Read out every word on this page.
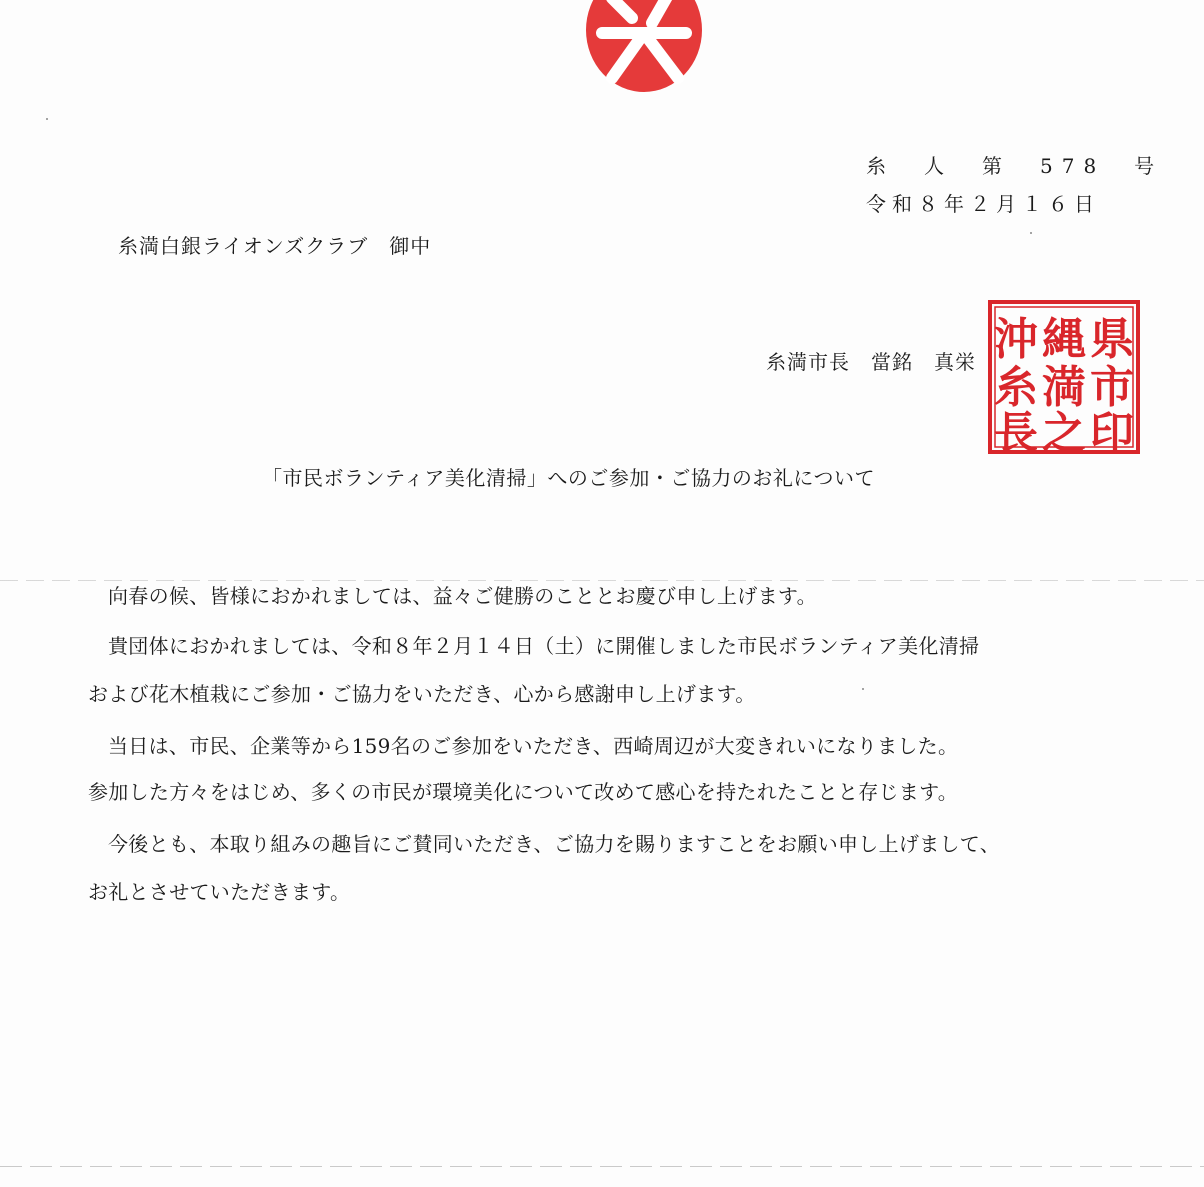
糸　人　第　578　号
令和８年２月１６日
糸満白銀ライオンズクラブ　御中
糸満市長　當銘　真栄	県
市
印
縄
満
之
沖
糸
長
「市民ボランティア美化清掃」へのご参加・ご協力のお礼について
向春の候、皆様におかれましては、益々ご健勝のこととお慶び申し上げます。
貴団体におかれましては、令和８年２月１４日（土）に開催しました市民ボランティア美化清掃
および花木植栽にご参加・ご協力をいただき、心から感謝申し上げます。
当日は、市民、企業等から159名のご参加をいただき、西崎周辺が大変きれいになりました。
参加した方々をはじめ、多くの市民が環境美化について改めて感心を持たれたことと存じます。
今後とも、本取り組みの趣旨にご賛同いただき、ご協力を賜りますことをお願い申し上げまして、
お礼とさせていただきます。
